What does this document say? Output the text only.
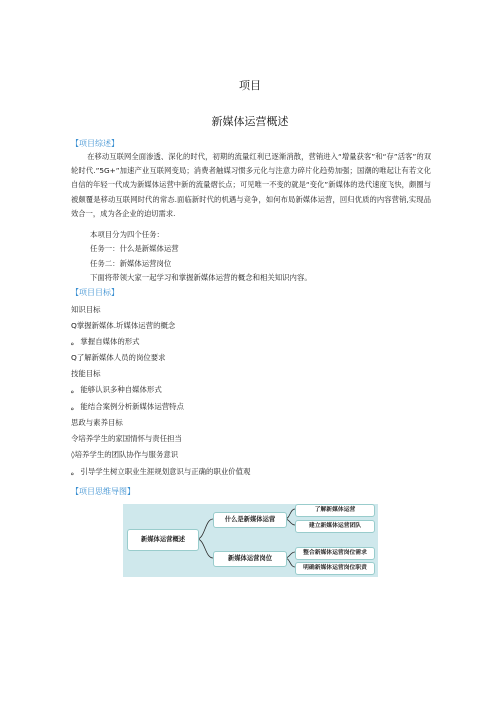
项目
新媒体运营概述
【项目综述】
在移动互联网全面渗透、深化的时代，初期的流量红利已逐渐消散，营销进入“增量获客”和“存”活客”的双轮时代.”5G+”加速产业互联网变局；消费者触媒习惯多元化与注意力碎片化趋势加强；国潮的唯起让有若文化自信的年轻一代成为新媒体运营中新的流量熠长点；可见唯一不变的就是“变化”新媒体的迭代速度飞快，颇圈与被颇覆是移动互联网时代的常态.面临新时代的机遇与竞争，如何布局新媒体运营，回归优质的内容营销,实现品效合一，成为各企业的迫切需求.
本项目分为四个任务：
任务一：什么是新媒体运营
任务二：新媒体运营岗位
下面将带领大家一起学习和掌握新媒体运营的概念和相关知识内容。
【项目目标】
知识目标
Q掌握新媒体.圻媒体运营的概念
。 掌握自媒体的形式
Q了解新媒体人员的岗位要求
技能目标
。 能够认识多种自媒体形式
。 能结合案例分析新媒体运营特点
思政与素养目标
令培养学生的家国情怀与责任担当
◊培养学生的团队协作与服务意识
。 引导学生树立职业生涯规划意识与正确的职业价值观
【项目思维导图】
新媒体运营概述
什么是新媒体运营
新媒体运营岗位
了解新媒体运营
建立新媒体运营团队
整合新媒体运营岗位需求
明确新媒体运营岗位职责
